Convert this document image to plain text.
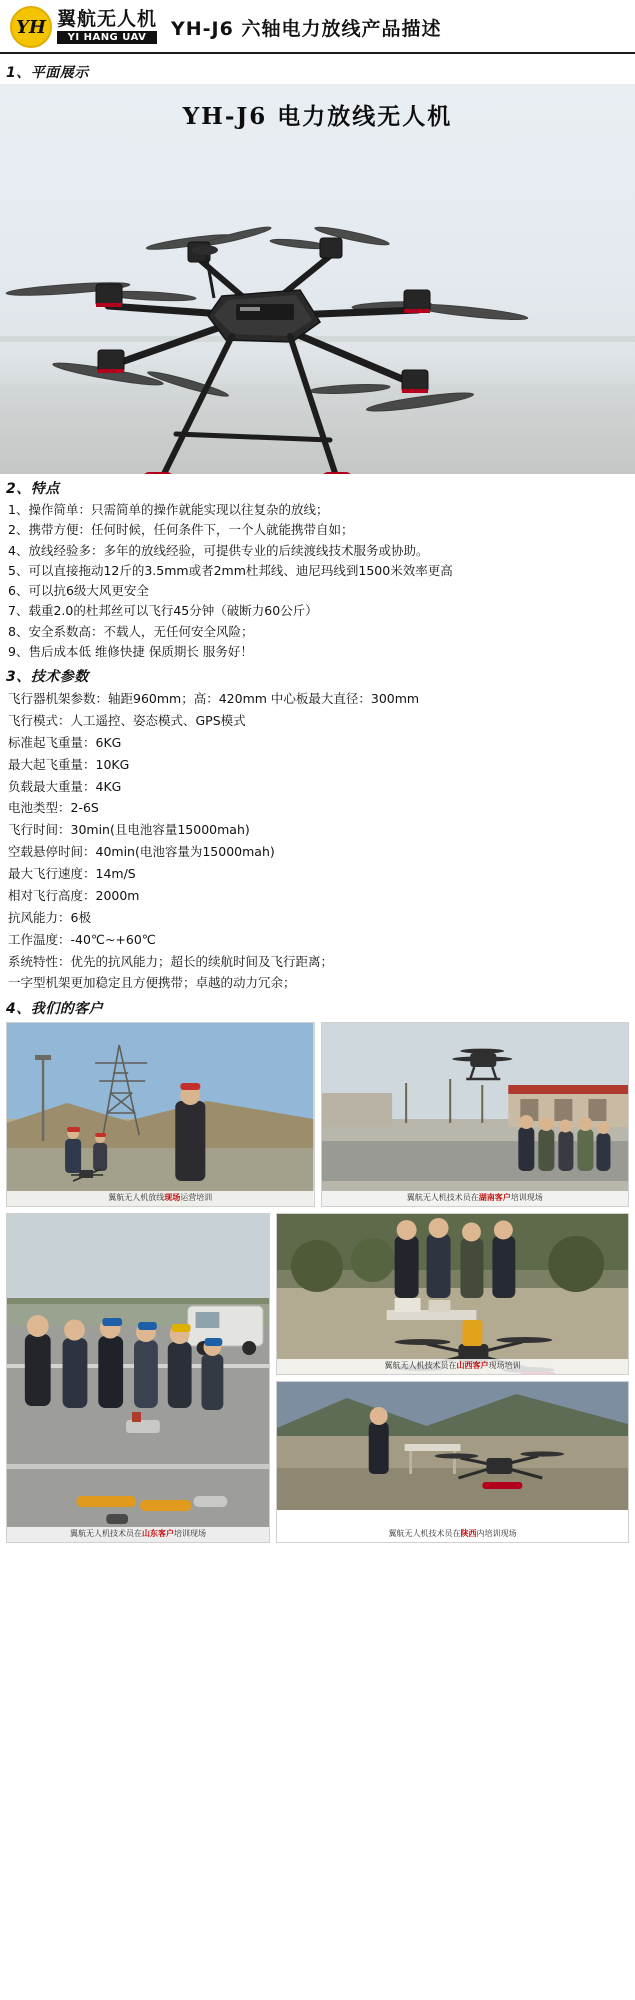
YH 翼航无人机
YI HANG UAV	YH-J6 六轴电力放线产品描述
1、平面展示
YH-J6 电力放线无人机
2、特点
1、操作简单：只需简单的操作就能实现以往复杂的放线；
2、携带方便：任何时候，任何条件下，一个人就能携带自如；
4、放线经验多：多年的放线经验，可提供专业的后续渡线技术服务或协助。
5、可以直接拖动12斤的3.5mm或者2mm杜邦线、迪尼玛线到1500米效率更高
6、可以抗6级大风更安全
7、载重2.0的杜邦丝可以飞行45分钟（破断力60公斤）
8、安全系数高：不载人，无任何安全风险；
9、售后成本低 维修快捷 保质期长 服务好！
3、技术参数
飞行器机架参数：轴距960mm；高：420mm 中心板最大直径：300mm
飞行模式：人工遥控、姿态模式、GPS模式
标准起飞重量：6KG
最大起飞重量：10KG
负载最大重量：4KG
电池类型：2-6S
飞行时间：30min(且电池容量15000mah)
空载悬停时间：40min(电池容量为15000mah)
最大飞行速度：14m/S
相对飞行高度：2000m
抗风能力：6极
工作温度：-40℃~+60℃
系统特性：优先的抗风能力；超长的续航时间及飞行距离；
一字型机架更加稳定且方便携带；卓越的动力冗余；
4、我们的客户
翼航无人机放线现场运营培训	翼航无人机技术员在湖南客户培训现场
翼航无人机技术员在山东客户培训现场
翼航无人机技术员在山西客户现场培训
翼航无人机技术员在陕西内培训现场
